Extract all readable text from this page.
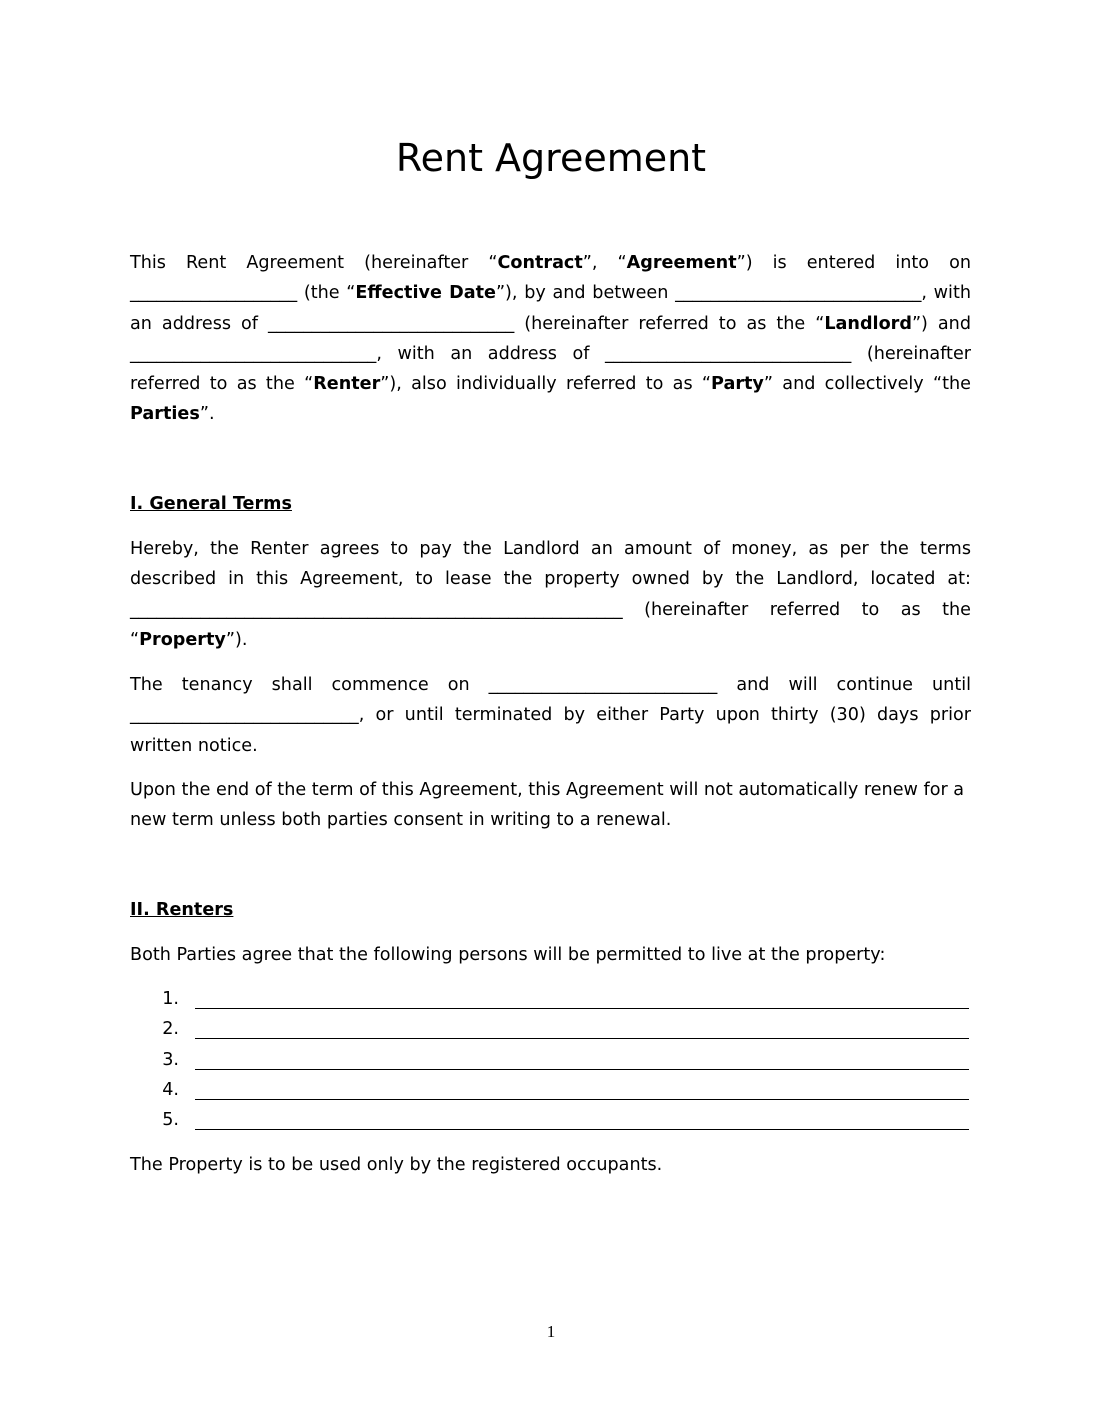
Rent Agreement

This Rent Agreement (hereinafter “Contract”, “Agreement”) is entered into on ___________________ (the “Effective Date”), by and between ____________________________, with an address of ____________________________ (hereinafter referred to as the “Landlord”) and ____________________________, with an address of ____________________________ (hereinafter referred to as the “Renter”), also individually referred to as “Party” and collectively “the Parties”.

I. General Terms

Hereby, the Renter agrees to pay the Landlord an amount of money, as per the terms described in this Agreement, to lease the property owned by the Landlord, located at: ________________________________________________________ (hereinafter referred to as the “Property”).

The tenancy shall commence on __________________________ and will continue until __________________________, or until terminated by either Party upon thirty (30) days prior written notice.

Upon the end of the term of this Agreement, this Agreement will not automatically renew for a new term unless both parties consent in writing to a renewal.

II. Renters

Both Parties agree that the following persons will be permitted to live at the property:

1.
2.
3.
4.
5.

The Property is to be used only by the registered occupants.

1
